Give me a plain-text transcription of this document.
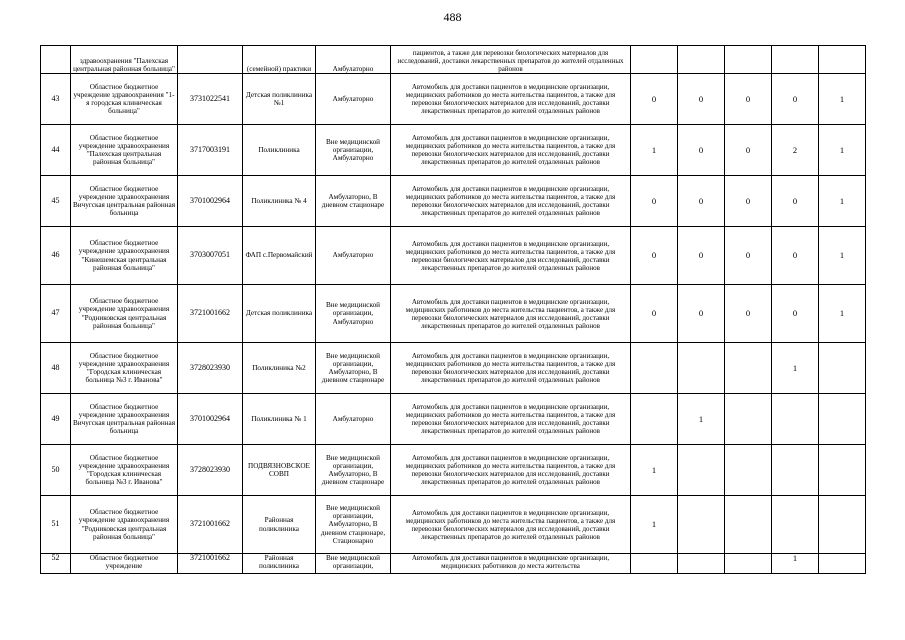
488
	здравоохранения "Палехская центральная районная больница"		(семейной) практики	Амбулаторно	пациентов, а также для перевозки биологических материалов для исследований, доставки лекарственных препаратов до жителей отдаленных районов					
43	Областное бюджетное учреждение здравоохранения "1-я городская клиническая больница"	3731022541	Детская поликлиника №1	Амбулаторно	Автомобиль для доставки пациентов в медицинские организации, медицинских работников до места жительства пациентов, а также для перевозки биологических материалов для исследований, доставки лекарственных препаратов до жителей отдаленных районов	0	0	0	0	1
44	Областное бюджетное учреждение здравоохранения "Палехская центральная районная больница"	3717003191	Поликлиника	Вне медицинской организации, Амбулаторно	Автомобиль для доставки пациентов в медицинские организации, медицинских работников до места жительства пациентов, а также для перевозки биологических материалов для исследований, доставки лекарственных препаратов до жителей отдаленных районов	1	0	0	2	1
45	Областное бюджетное учреждение здравоохранения Вичугская центральная районная больница	3701002964	Поликлиника № 4	Амбулаторно, В дневном стационаре	Автомобиль для доставки пациентов в медицинские организации, медицинских работников до места жительства пациентов, а также для перевозки биологических материалов для исследований, доставки лекарственных препаратов до жителей отдаленных районов	0	0	0	0	1
46	Областное бюджетное учреждение здравоохранения "Кинешемская центральная районная больница"	3703007051	ФАП с.Первомайский	Амбулаторно	Автомобиль для доставки пациентов в медицинские организации, медицинских работников до места жительства пациентов, а также для перевозки биологических материалов для исследований, доставки лекарственных препаратов до жителей отдаленных районов	0	0	0	0	1
47	Областное бюджетное учреждение здравоохранения "Родниковская центральная районная больница"	3721001662	Детская поликлиника	Вне медицинской организации, Амбулаторно	Автомобиль для доставки пациентов в медицинские организации, медицинских работников до места жительства пациентов, а также для перевозки биологических материалов для исследований, доставки лекарственных препаратов до жителей отдаленных районов	0	0	0	0	1
48	Областное бюджетное учреждение здравоохранения "Городская клиническая больница №3 г. Иванова"	3728023930	Поликлиника №2	Вне медицинской организации, Амбулаторно, В дневном стационаре	Автомобиль для доставки пациентов в медицинские организации, медицинских работников до места жительства пациентов, а также для перевозки биологических материалов для исследований, доставки лекарственных препаратов до жителей отдаленных районов				1	
49	Областное бюджетное учреждение здравоохранения Вичугская центральная районная больница	3701002964	Поликлиника № 1	Амбулаторно	Автомобиль для доставки пациентов в медицинские организации, медицинских работников до места жительства пациентов, а также для перевозки биологических материалов для исследований, доставки лекарственных препаратов до жителей отдаленных районов		1			
50	Областное бюджетное учреждение здравоохранения "Городская клиническая больница №3 г. Иванова"	3728023930	ПОДВЯЗНОВСКОЕ СОВП	Вне медицинской организации, Амбулаторно, В дневном стационаре	Автомобиль для доставки пациентов в медицинские организации, медицинских работников до места жительства пациентов, а также для перевозки биологических материалов для исследований, доставки лекарственных препаратов до жителей отдаленных районов	1				
51	Областное бюджетное учреждение здравоохранения "Родниковская центральная районная больница"	3721001662	Районная поликлиника	Вне медицинской организации, Амбулаторно, В дневном стационаре, Стационарно	Автомобиль для доставки пациентов в медицинские организации, медицинских работников до места жительства пациентов, а также для перевозки биологических материалов для исследований, доставки лекарственных препаратов до жителей отдаленных районов	1				
52	Областное бюджетное учреждение	3721001662	Районная поликлиника	Вне медицинской организации,	Автомобиль для доставки пациентов в медицинские организации, медицинских работников до места жительства				1	
